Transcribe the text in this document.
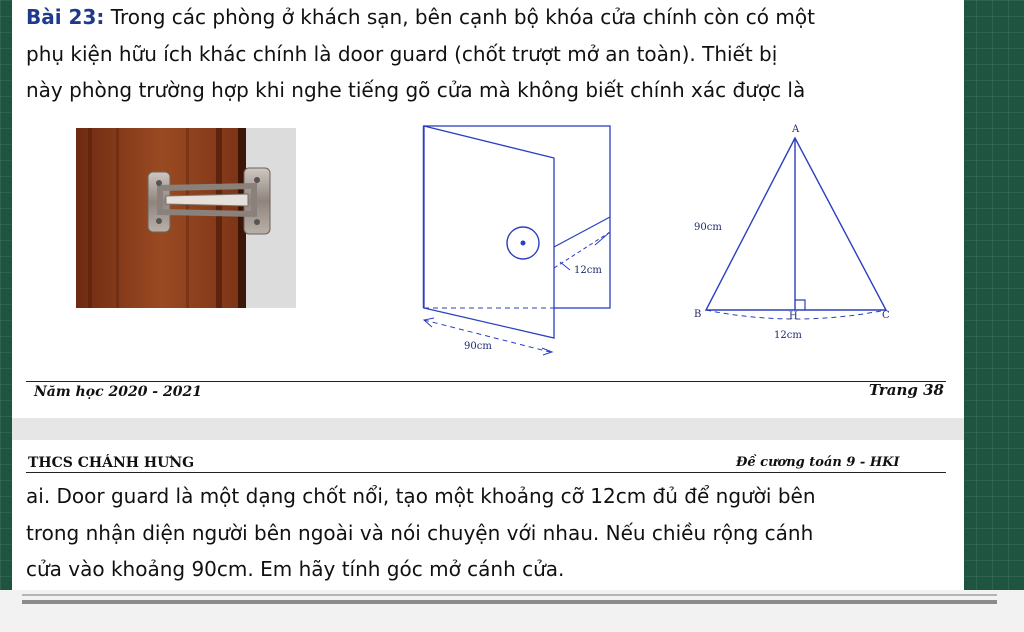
Bài 23: Trong các phòng ở khách sạn, bên cạnh bộ khóa cửa chính còn có một
phụ kiện hữu ích khác chính là door guard (chốt trượt mở an toàn). Thiết bị
này phòng trường hợp khi nghe tiếng gõ cửa mà không biết chính xác được là

12cm
90cm
A
B	C
H
90cm
12cm
Năm học 2020 - 2021	Trang 38
THCS CHÁNH HƯNG	Đề cương toán 9 - HKI

ai. Door guard là một dạng chốt nổi, tạo một khoảng cỡ 12cm đủ để người bên
trong nhận diện người bên ngoài và nói chuyện với nhau. Nếu chiều rộng cánh
cửa vào khoảng 90cm. Em hãy tính góc mở cánh cửa.
